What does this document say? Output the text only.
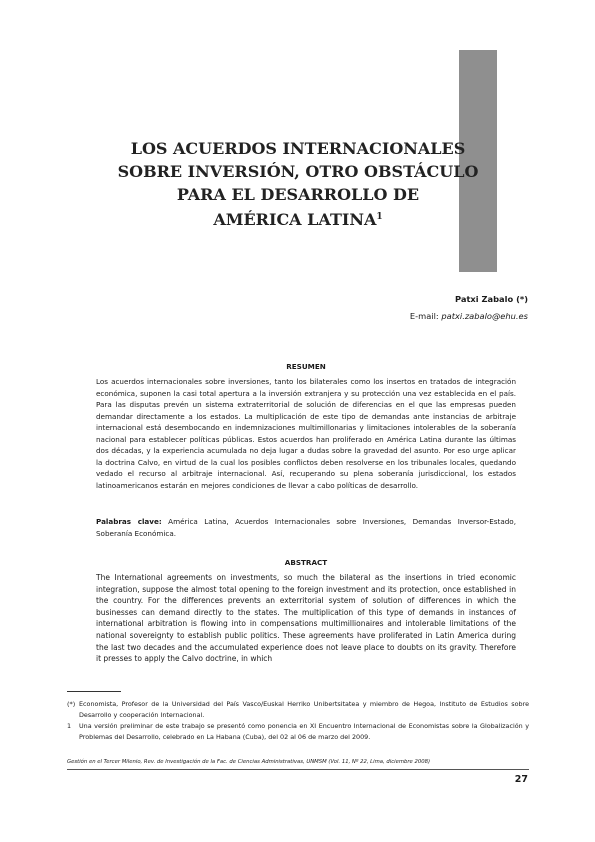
LOS ACUERDOS INTERNACIONALES
SOBRE INVERSIÓN, OTRO OBSTÁCULO
PARA EL DESARROLLO DE
AMÉRICA LATINA$^1$
Patxi Zabalo (*)
E-mail: patxi.zabalo@ehu.es
RESUMEN
Los acuerdos internacionales sobre inversiones, tanto los bilaterales como los insertos en tratados de integración económica, suponen la casi total apertura a la inversión extranjera y su protección una vez establecida en el país. Para las disputas prevén un sistema extraterritorial de solución de diferencias en el que las empresas pueden demandar directamente a los estados. La multiplicación de este tipo de demandas ante instancias de arbitraje internacional está desembocando en indemnizaciones multimillonarias y limitaciones intolerables de la soberanía nacional para establecer políticas públicas. Estos acuerdos han proliferado en América Latina durante las últimas dos décadas, y la experiencia acumulada no deja lugar a dudas sobre la gravedad del asunto. Por eso urge aplicar la doctrina Calvo, en virtud de la cual los posibles conflictos deben resolverse en los tribunales locales, quedando vedado el recurso al arbitraje internacional. Así, recuperando su plena soberanía jurisdiccional, los estados latinoamericanos estarán en mejores condiciones de llevar a cabo políticas de desarrollo.
Palabras clave: América Latina, Acuerdos Internacionales sobre Inversiones, Demandas Inversor-Estado, Soberanía Económica.
ABSTRACT
The International agreements on investments, so much the bilateral as the insertions in tried economic integration, suppose the almost total opening to the foreign investment and its protection, once established in the country. For the differences prevents an exterritorial system of solution of differences in which the businesses can demand directly to the states. The multiplication of this type of demands in instances of international arbitration is flowing into in compensations multimillionaires and intolerable limitations of the national sovereignty to establish public politics. These agreements have proliferated in Latin America during the last two decades and the accumulated experience does not leave place to doubts on its gravity. Therefore it presses to apply the Calvo doctrine, in which
(*) Economista, Profesor de la Universidad del País Vasco/Euskal Herriko Unibertsitatea y miembro de Hegoa, Instituto de Estudios sobre Desarrollo y cooperación Internacional.
1 Una versión preliminar de este trabajo se presentó como ponencia en XI Encuentro Internacional de Economistas sobre la Globalización y Problemas del Desarrollo, celebrado en La Habana (Cuba), del 02 al 06 de marzo del 2009.
Gestión en el Tercer Milenio, Rev. de Investigación de la Fac. de Ciencias Administrativas, UNMSM (Vol. 11, Nº 22, Lima, diciembre 2008)
27
